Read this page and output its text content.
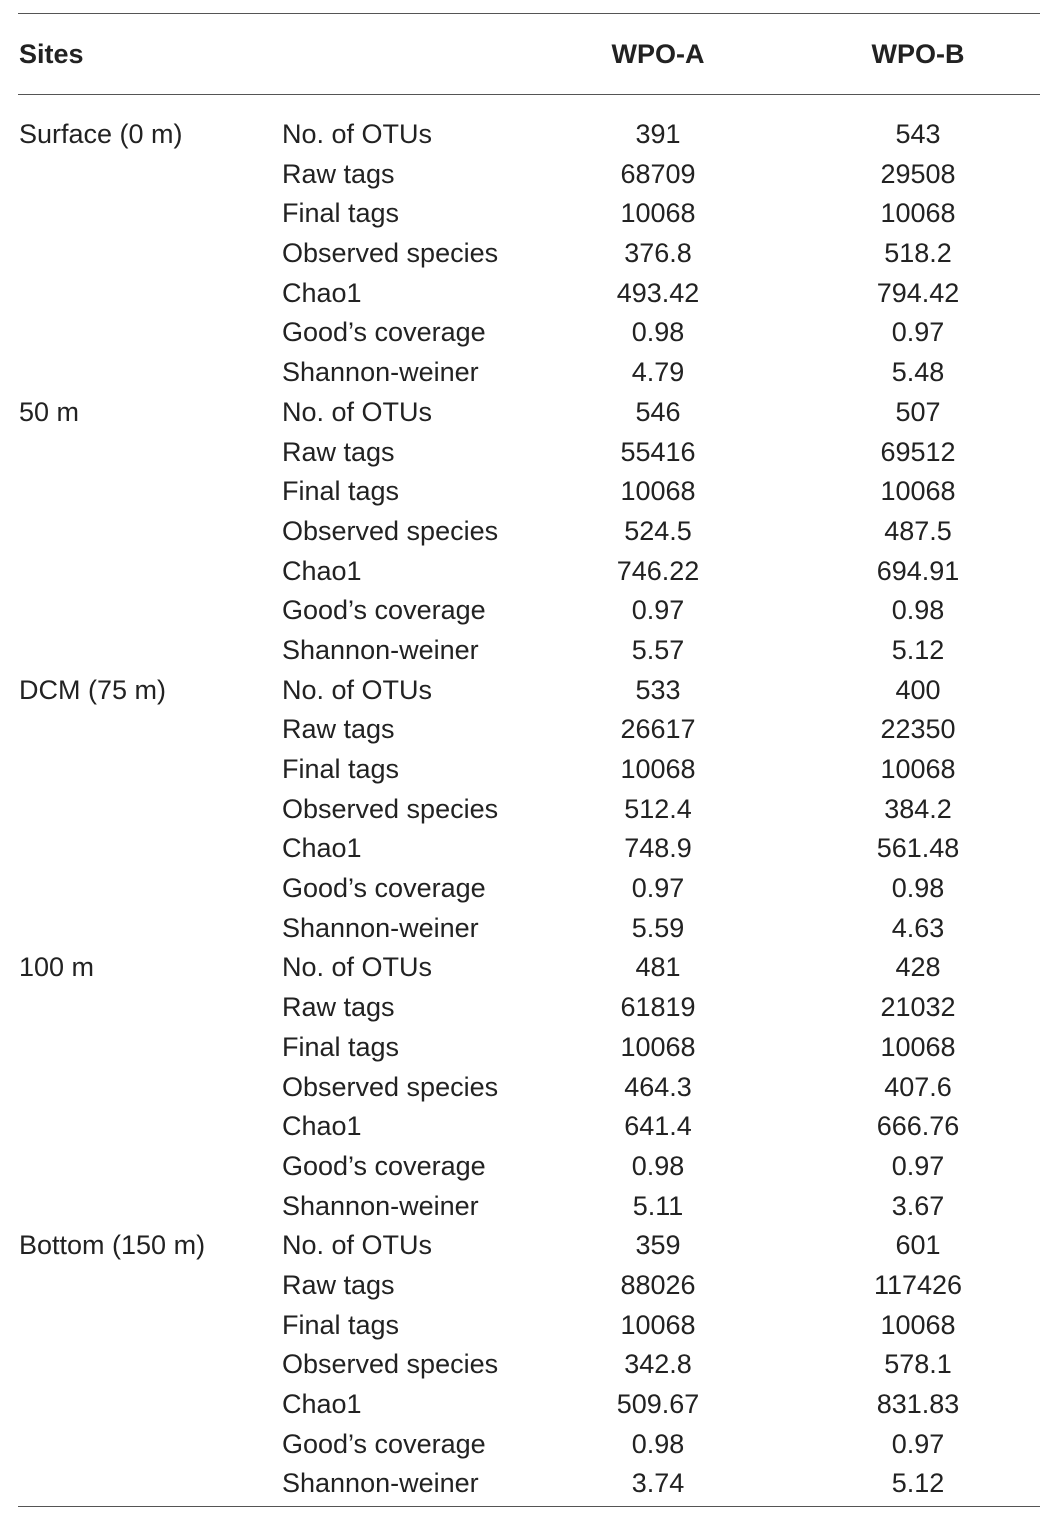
Sites	WPO-A	WPO-B
Surface (0 m)	No. of OTUs	391	543
Raw tags	68709	29508
Final tags	10068	10068
Observed species	376.8	518.2
Chao1	493.42	794.42
Good’s coverage	0.98	0.97
Shannon-weiner	4.79	5.48
50 m	No. of OTUs	546	507
Raw tags	55416	69512
Final tags	10068	10068
Observed species	524.5	487.5
Chao1	746.22	694.91
Good’s coverage	0.97	0.98
Shannon-weiner	5.57	5.12
DCM (75 m)	No. of OTUs	533	400
Raw tags	26617	22350
Final tags	10068	10068
Observed species	512.4	384.2
Chao1	748.9	561.48
Good’s coverage	0.97	0.98
Shannon-weiner	5.59	4.63
100 m	No. of OTUs	481	428
Raw tags	61819	21032
Final tags	10068	10068
Observed species	464.3	407.6
Chao1	641.4	666.76
Good’s coverage	0.98	0.97
Shannon-weiner	5.11	3.67
Bottom (150 m)	No. of OTUs	359	601
Raw tags	88026	117426
Final tags	10068	10068
Observed species	342.8	578.1
Chao1	509.67	831.83
Good’s coverage	0.98	0.97
Shannon-weiner	3.74	5.12
